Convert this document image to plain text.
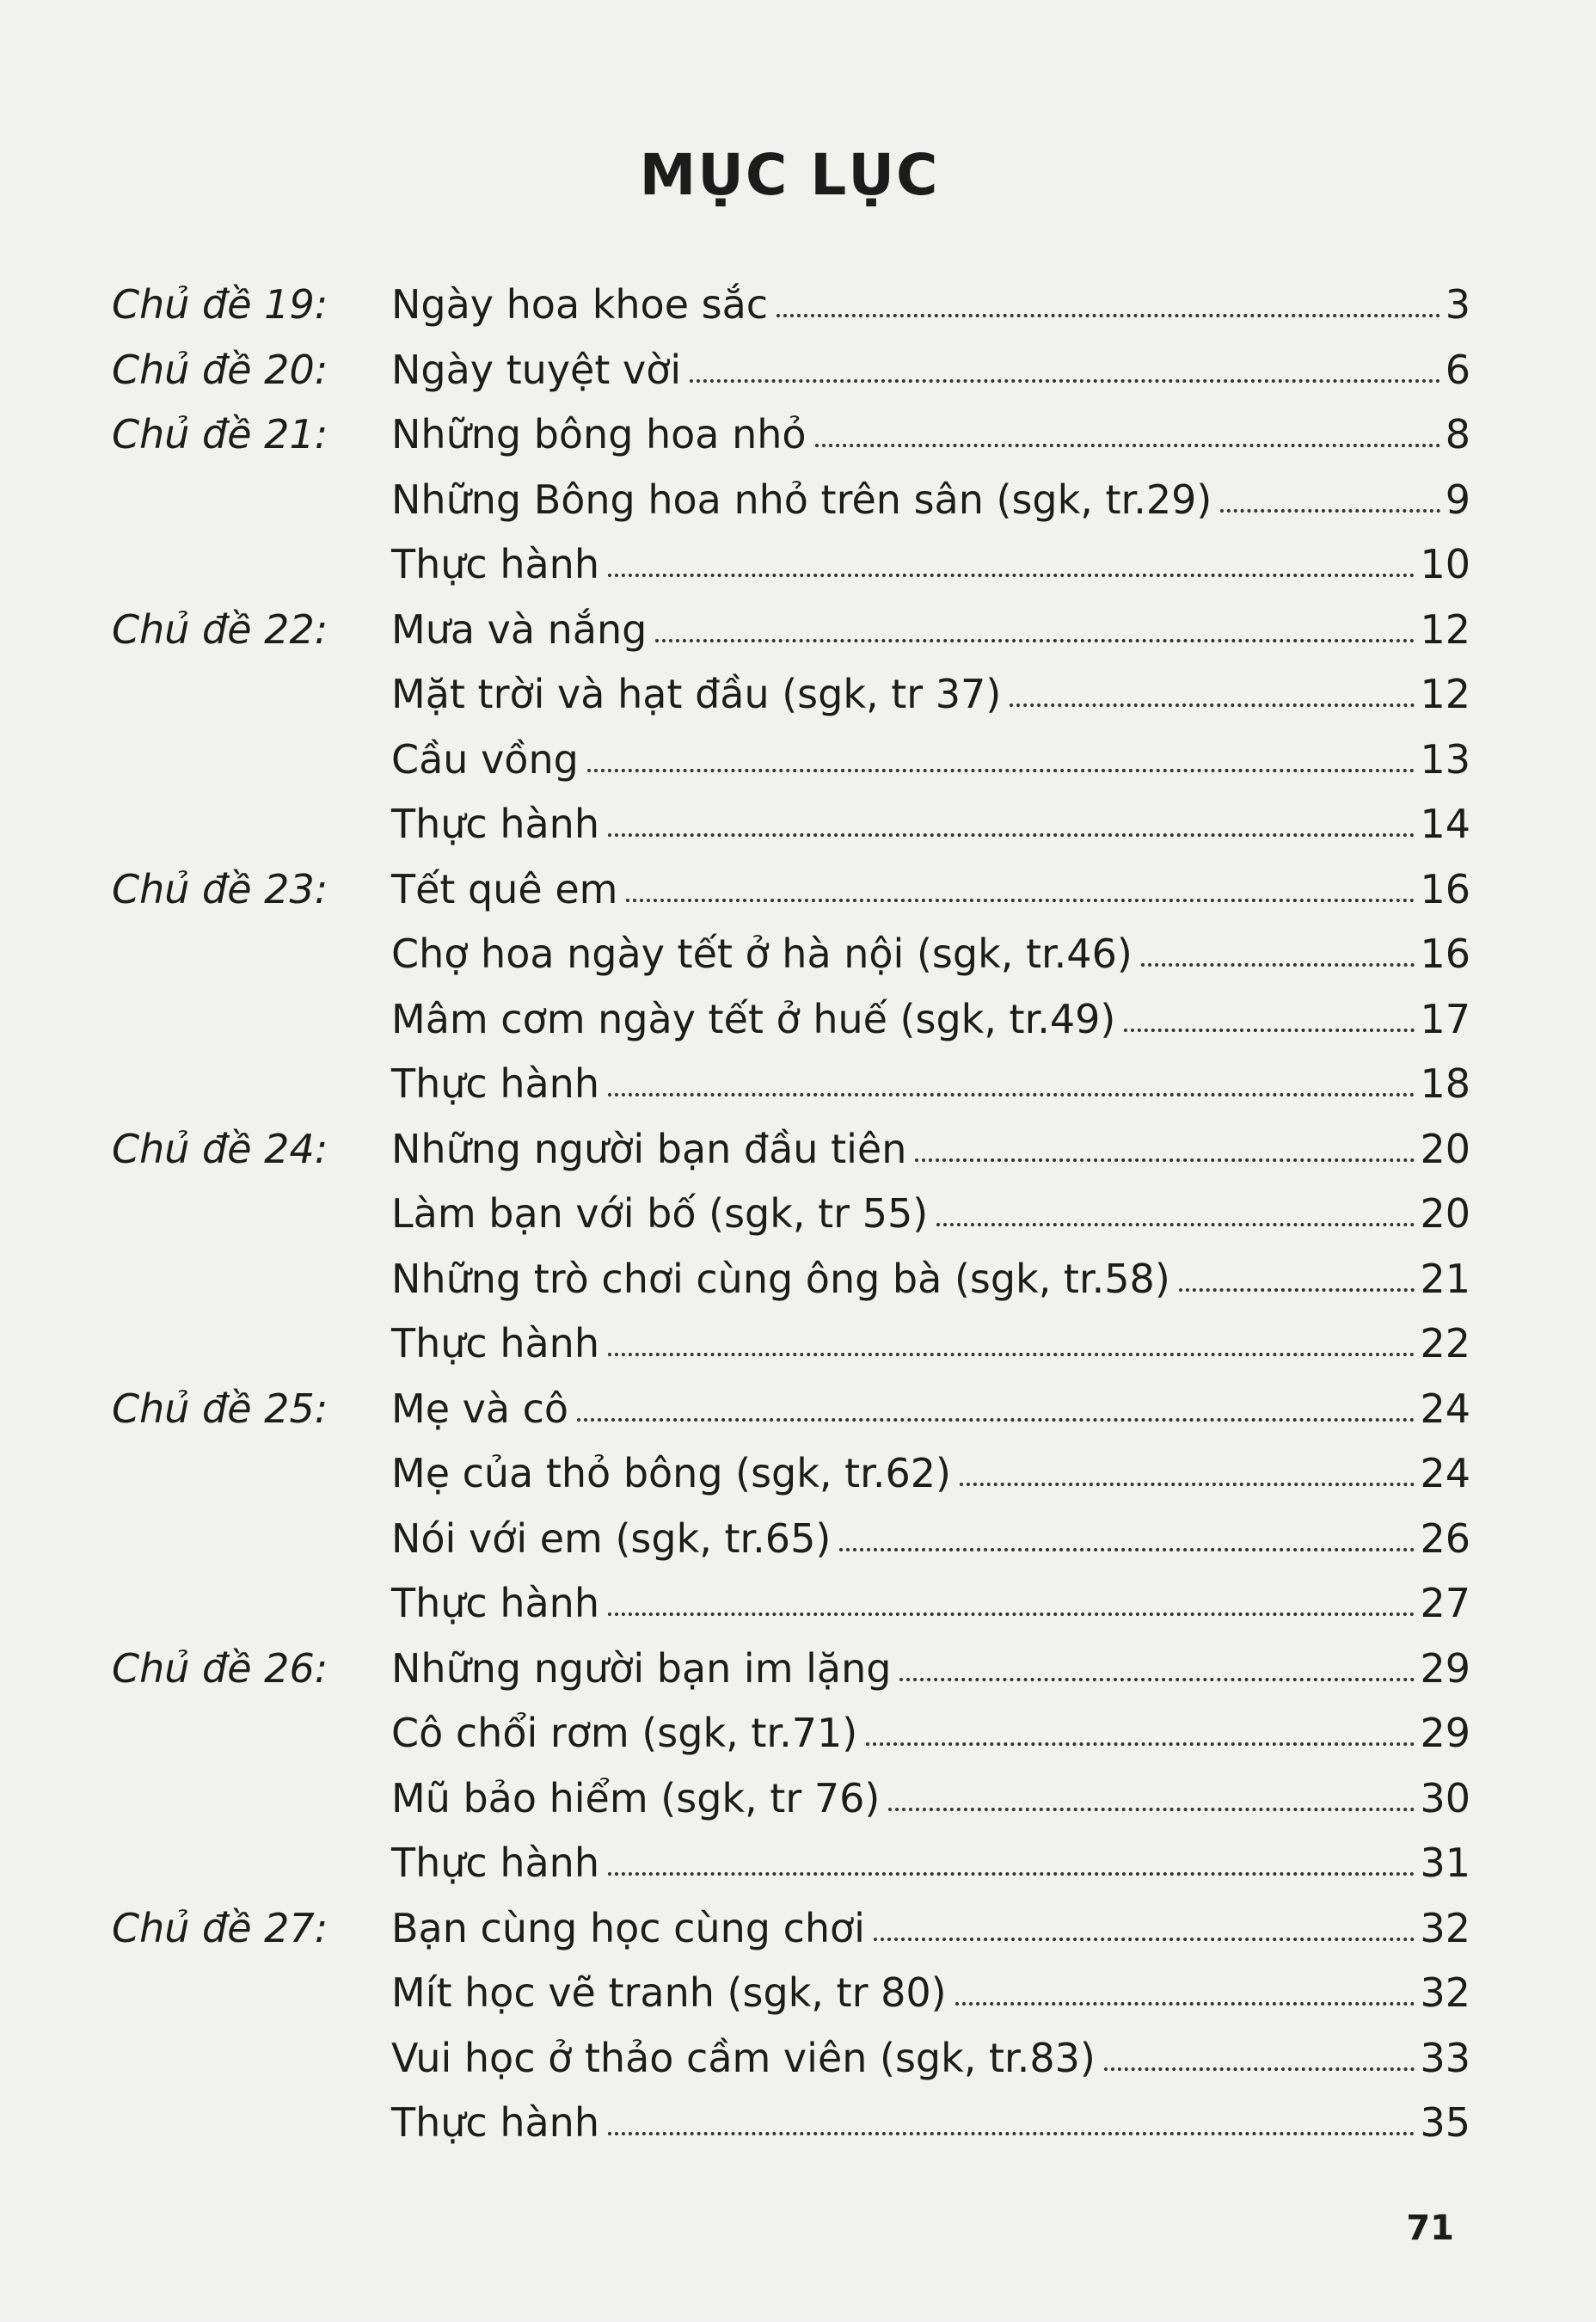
MỤC LỤC
Chủ đề 19:	Ngày hoa khoe sắc	3
Chủ đề 20:	Ngày tuyệt vời	6
Chủ đề 21:	Những bông hoa nhỏ	8
Những Bông hoa nhỏ trên sân (sgk, tr.29)	9
Thực hành	10
Chủ đề 22:	Mưa và nắng	12
Mặt trời và hạt đầu (sgk, tr 37)	12
Cầu vồng	13
Thực hành	14
Chủ đề 23:	Tết quê em	16
Chợ hoa ngày tết ở hà nội (sgk, tr.46)	16
Mâm cơm ngày tết ở huế (sgk, tr.49)	17
Thực hành	18
Chủ đề 24:	Những người bạn đầu tiên	20
Làm bạn với bố (sgk, tr 55)	20
Những trò chơi cùng ông bà (sgk, tr.58)	21
Thực hành	22
Chủ đề 25:	Mẹ và cô	24
Mẹ của thỏ bông (sgk, tr.62)	24
Nói với em (sgk, tr.65)	26
Thực hành	27
Chủ đề 26:	Những người bạn im lặng	29
Cô chổi rơm (sgk, tr.71)	29
Mũ bảo hiểm (sgk, tr 76)	30
Thực hành	31
Chủ đề 27:	Bạn cùng học cùng chơi	32
Mít học vẽ tranh (sgk, tr 80)	32
Vui học ở thảo cầm viên (sgk, tr.83)	33
Thực hành	35
71
